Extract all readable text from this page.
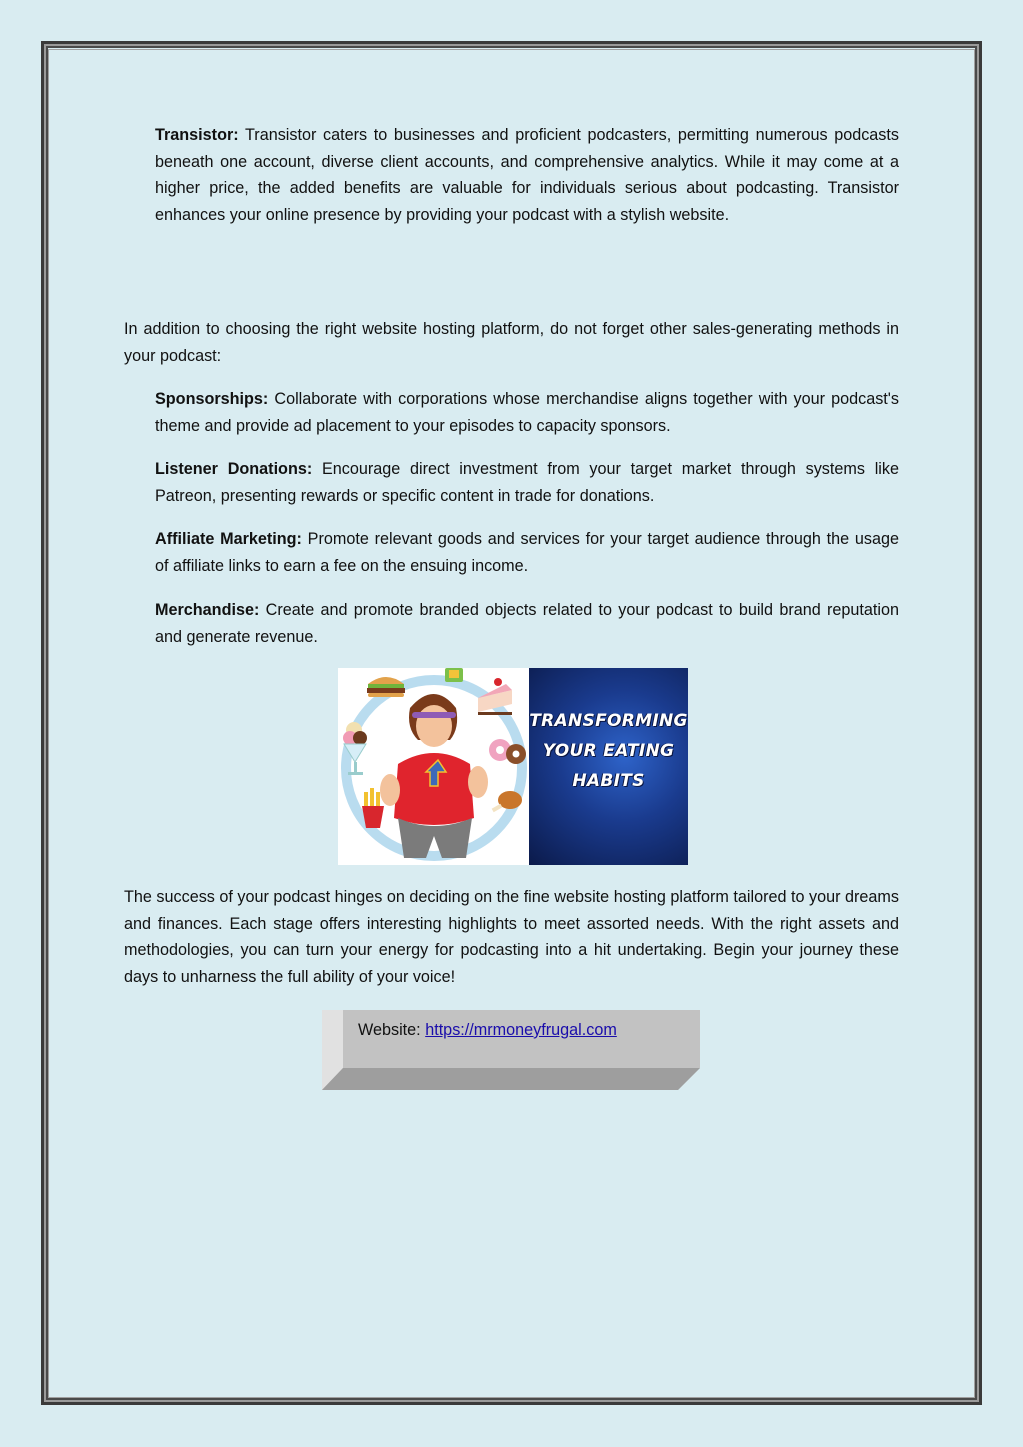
Transistor: Transistor caters to businesses and proficient podcasters, permitting numerous podcasts beneath one account, diverse client accounts, and comprehensive analytics. While it may come at a higher price, the added benefits are valuable for individuals serious about podcasting. Transistor enhances your online presence by providing your podcast with a stylish website.

In addition to choosing the right website hosting platform, do not forget other sales-generating methods in your podcast:

Sponsorships: Collaborate with corporations whose merchandise aligns together with your podcast's theme and provide ad placement to your episodes to capacity sponsors.

Listener Donations: Encourage direct investment from your target market through systems like Patreon, presenting rewards or specific content in trade for donations.

Affiliate Marketing: Promote relevant goods and services for your target audience through the usage of affiliate links to earn a fee on the ensuing income.

Merchandise: Create and promote branded objects related to your podcast to build brand reputation and generate revenue.

TRANSFORMING
YOUR EATING
HABITS

The success of your podcast hinges on deciding on the fine website hosting platform tailored to your dreams and finances. Each stage offers interesting highlights to meet assorted needs. With the right assets and methodologies, you can turn your energy for podcasting into a hit undertaking. Begin your journey these days to unharness the full ability of your voice!

Website: https://mrmoneyfrugal.com
